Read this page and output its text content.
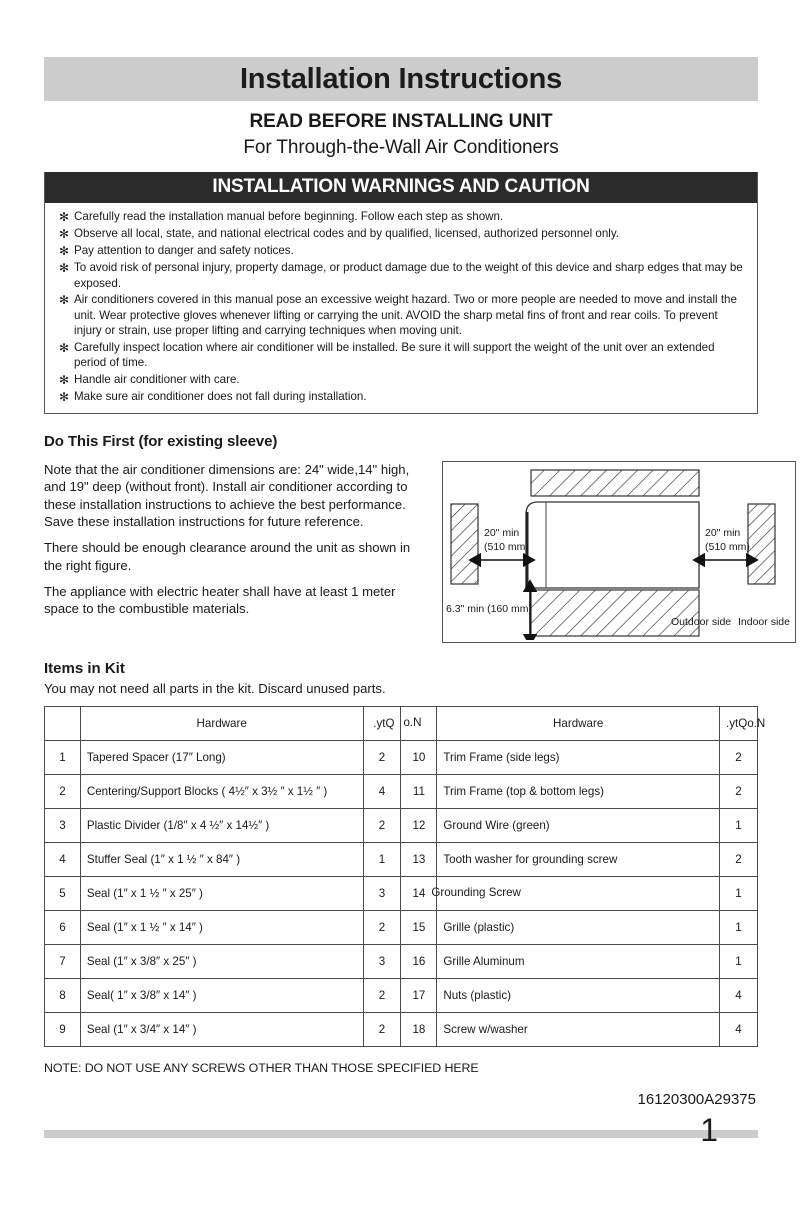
Installation Instructions
READ BEFORE INSTALLING UNIT
For Through-the-Wall Air Conditioners
INSTALLATION WARNINGS AND CAUTION
✻ Carefully read the installation manual before beginning. Follow each step as shown.
✻ Observe all local, state, and national electrical codes and by qualified, licensed, authorized personnel only.
✻ Pay attention to danger and safety notices.
✻ To avoid risk of personal injury, property damage, or product damage due to the weight of this device and sharp edges that may be exposed.
✻ Air conditioners covered in this manual pose an excessive weight hazard. Two or more people are needed to move and install the unit. Wear protective gloves whenever lifting or carrying the unit. AVOID the sharp metal fins of front and rear coils. To prevent injury or strain, use proper lifting and carrying techniques when moving unit.
✻ Carefully inspect location where air conditioner will be installed. Be sure it will support the weight of the unit over an extended period of time.
✻ Handle air conditioner with care.
✻ Make sure air conditioner does not fall during installation.
Do This First (for existing sleeve)

Note that the air conditioner dimensions are: 24" wide,14" high, and 19" deep (without front). Install air conditioner according to these installation instructions to achieve the best performance. Save these installation instructions for future reference.

There should be enough clearance around the unit as shown in the right figure.

The appliance with electric heater shall have at least 1 meter space to the combustible materials.

20" min
(510 mm)
20" min
(510 mm)
6.3" min (160 mm)
Outdoor side Indoor side
Items in Kit
You may not need all parts in the kit. Discard unused parts.
	Hardware	.ytQ	o.N	Hardware	.ytQo.N
1	Tapered Spacer (17″ Long)	2	10	Trim Frame (side legs)	2
2	Centering/Support Blocks ( 4½″ x 3½ ″ x 1½ ″ )	4	11	Trim Frame (top & bottom legs)	2
3	Plastic Divider (1/8″ x 4 ½″ x 14½″ )	2	12	Ground Wire (green)	1
4	Stuffer Seal (1″ x 1 ½ ″ x 84″ )	1	13	Tooth washer for grounding screw	2
5	Seal (1″ x 1 ½ ″ x 25″ )	3	14	Grounding Screw	1
6	Seal (1″ x 1 ½ ″ x 14″ )	2	15	Grille (plastic)	1
7	Seal (1″ x 3/8″ x 25″ )	3	16	Grille Aluminum	1
8	Seal( 1″ x 3/8″ x 14″ )	2	17	Nuts (plastic)	4
9	Seal (1″ x 3/4″ x 14″ )	2	18	Screw w/washer	4
NOTE: DO NOT USE ANY SCREWS OTHER THAN THOSE SPECIFIED HERE
16120300A29375
1
